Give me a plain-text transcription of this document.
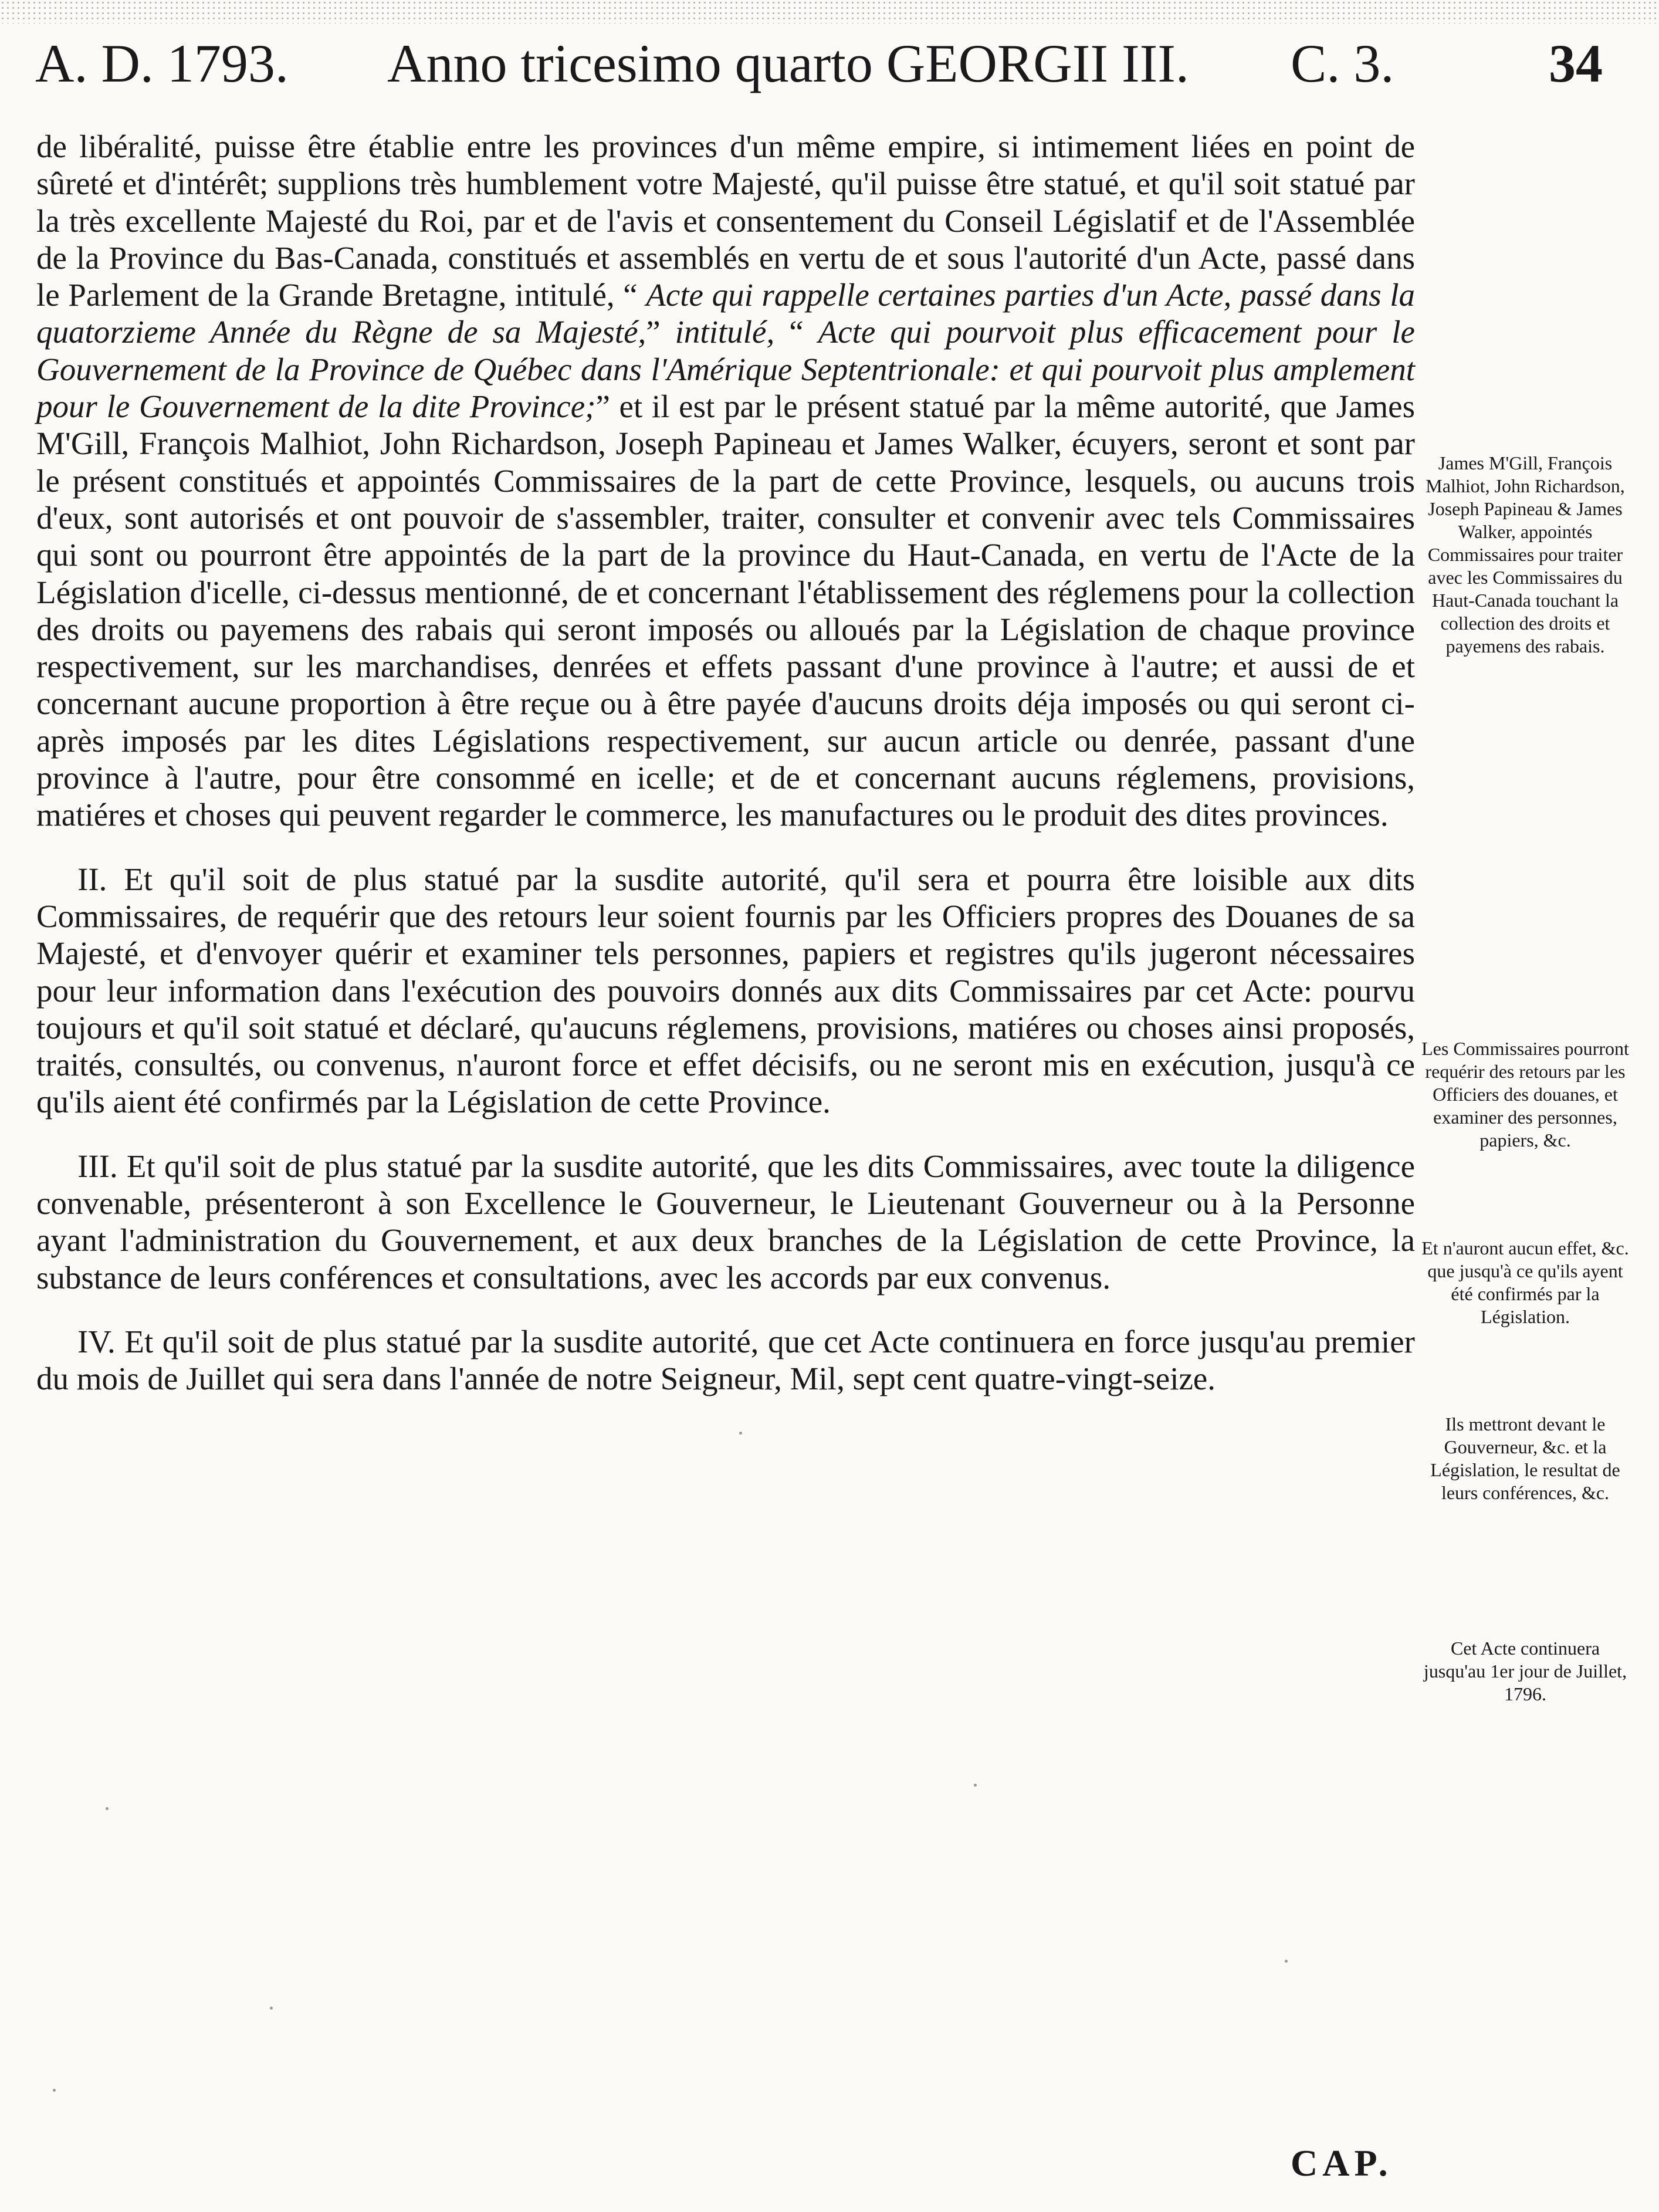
A. D. 1793. Anno tricesimo quarto GEORGII III. C. 3.	34

de libéralité, puisse être établie entre les provinces d'un même empire, si intimement liées en point de sûreté et d'intérêt; supplions très humblement votre Majesté, qu'il puisse être statué, et qu'il soit statué par la très excellente Majesté du Roi, par et de l'avis et consentement du Conseil Législatif et de l'Assemblée de la Province du Bas-Canada, constitués et assemblés en vertu de et sous l'autorité d'un Acte, passé dans le Parlement de la Grande Bretagne, intitulé, “ Acte qui rappelle certaines parties d'un Acte, passé dans la quatorzieme Année du Règne de sa Majesté,” intitulé, “ Acte qui pourvoit plus efficacement pour le Gouvernement de la Province de Québec dans l'Amérique Septentrionale: et qui pourvoit plus amplement pour le Gouvernement de la dite Province;” et il est par le présent statué par la même autorité, que James M'Gill, François Malhiot, John Richardson, Joseph Papineau et James Walker, écuyers, seront et sont par le présent constitués et appointés Commissaires de la part de cette Province, lesquels, ou aucuns trois d'eux, sont autorisés et ont pouvoir de s'assembler, traiter, consulter et convenir avec tels Commissaires qui sont ou pourront être appointés de la part de la province du Haut-Canada, en vertu de l'Acte de la Législation d'icelle, ci-dessus mentionné, de et concernant l'établissement des réglemens pour la collection des droits ou payemens des rabais qui seront imposés ou alloués par la Législation de chaque province respectivement, sur les marchandises, denrées et effets passant d'une province à l'autre; et aussi de et concernant aucune proportion à être reçue ou à être payée d'aucuns droits déja imposés ou qui seront ci-après imposés par les dites Législations respectivement, sur aucun article ou denrée, passant d'une province à l'autre, pour être consommé en icelle; et de et concernant aucuns réglemens, provisions, matiéres et choses qui peuvent regarder le commerce, les manufactures ou le produit des dites provinces.

II. Et qu'il soit de plus statué par la susdite autorité, qu'il sera et pourra être loisible aux dits Commissaires, de requérir que des retours leur soient fournis par les Officiers propres des Douanes de sa Majesté, et d'envoyer quérir et examiner tels personnes, papiers et registres qu'ils jugeront nécessaires pour leur information dans l'exécution des pouvoirs donnés aux dits Commissaires par cet Acte: pourvu toujours et qu'il soit statué et déclaré, qu'aucuns réglemens, provisions, matiéres ou choses ainsi proposés, traités, consultés, ou convenus, n'auront force et effet décisifs, ou ne seront mis en exécution, jusqu'à ce qu'ils aient été confirmés par la Législation de cette Province.

III. Et qu'il soit de plus statué par la susdite autorité, que les dits Commissaires, avec toute la diligence convenable, présenteront à son Excellence le Gouverneur, le Lieutenant Gouverneur ou à la Personne ayant l'administration du Gouvernement, et aux deux branches de la Législation de cette Province, la substance de leurs conférences et consultations, avec les accords par eux convenus.

IV. Et qu'il soit de plus statué par la susdite autorité, que cet Acte continuera en force jusqu'au premier du mois de Juillet qui sera dans l'année de notre Seigneur, Mil, sept cent quatre-vingt-seize.

James M'Gill, François Malhiot, John Richardson, Joseph Papineau & James Walker, appointés Commissaires pour traiter avec les Commissaires du Haut-Canada touchant la collection des droits et payemens des rabais.
Les Commissaires pourront requérir des retours par les Officiers des douanes, et examiner des personnes, papiers, &c.
Et n'auront aucun effet, &c. que jusqu'à ce qu'ils ayent été confirmés par la Législation.
Ils mettront devant le Gouverneur, &c. et la Législation, le resultat de leurs conférences, &c.
Cet Acte continuera jusqu'au 1er jour de Juillet, 1796.
CAP.
